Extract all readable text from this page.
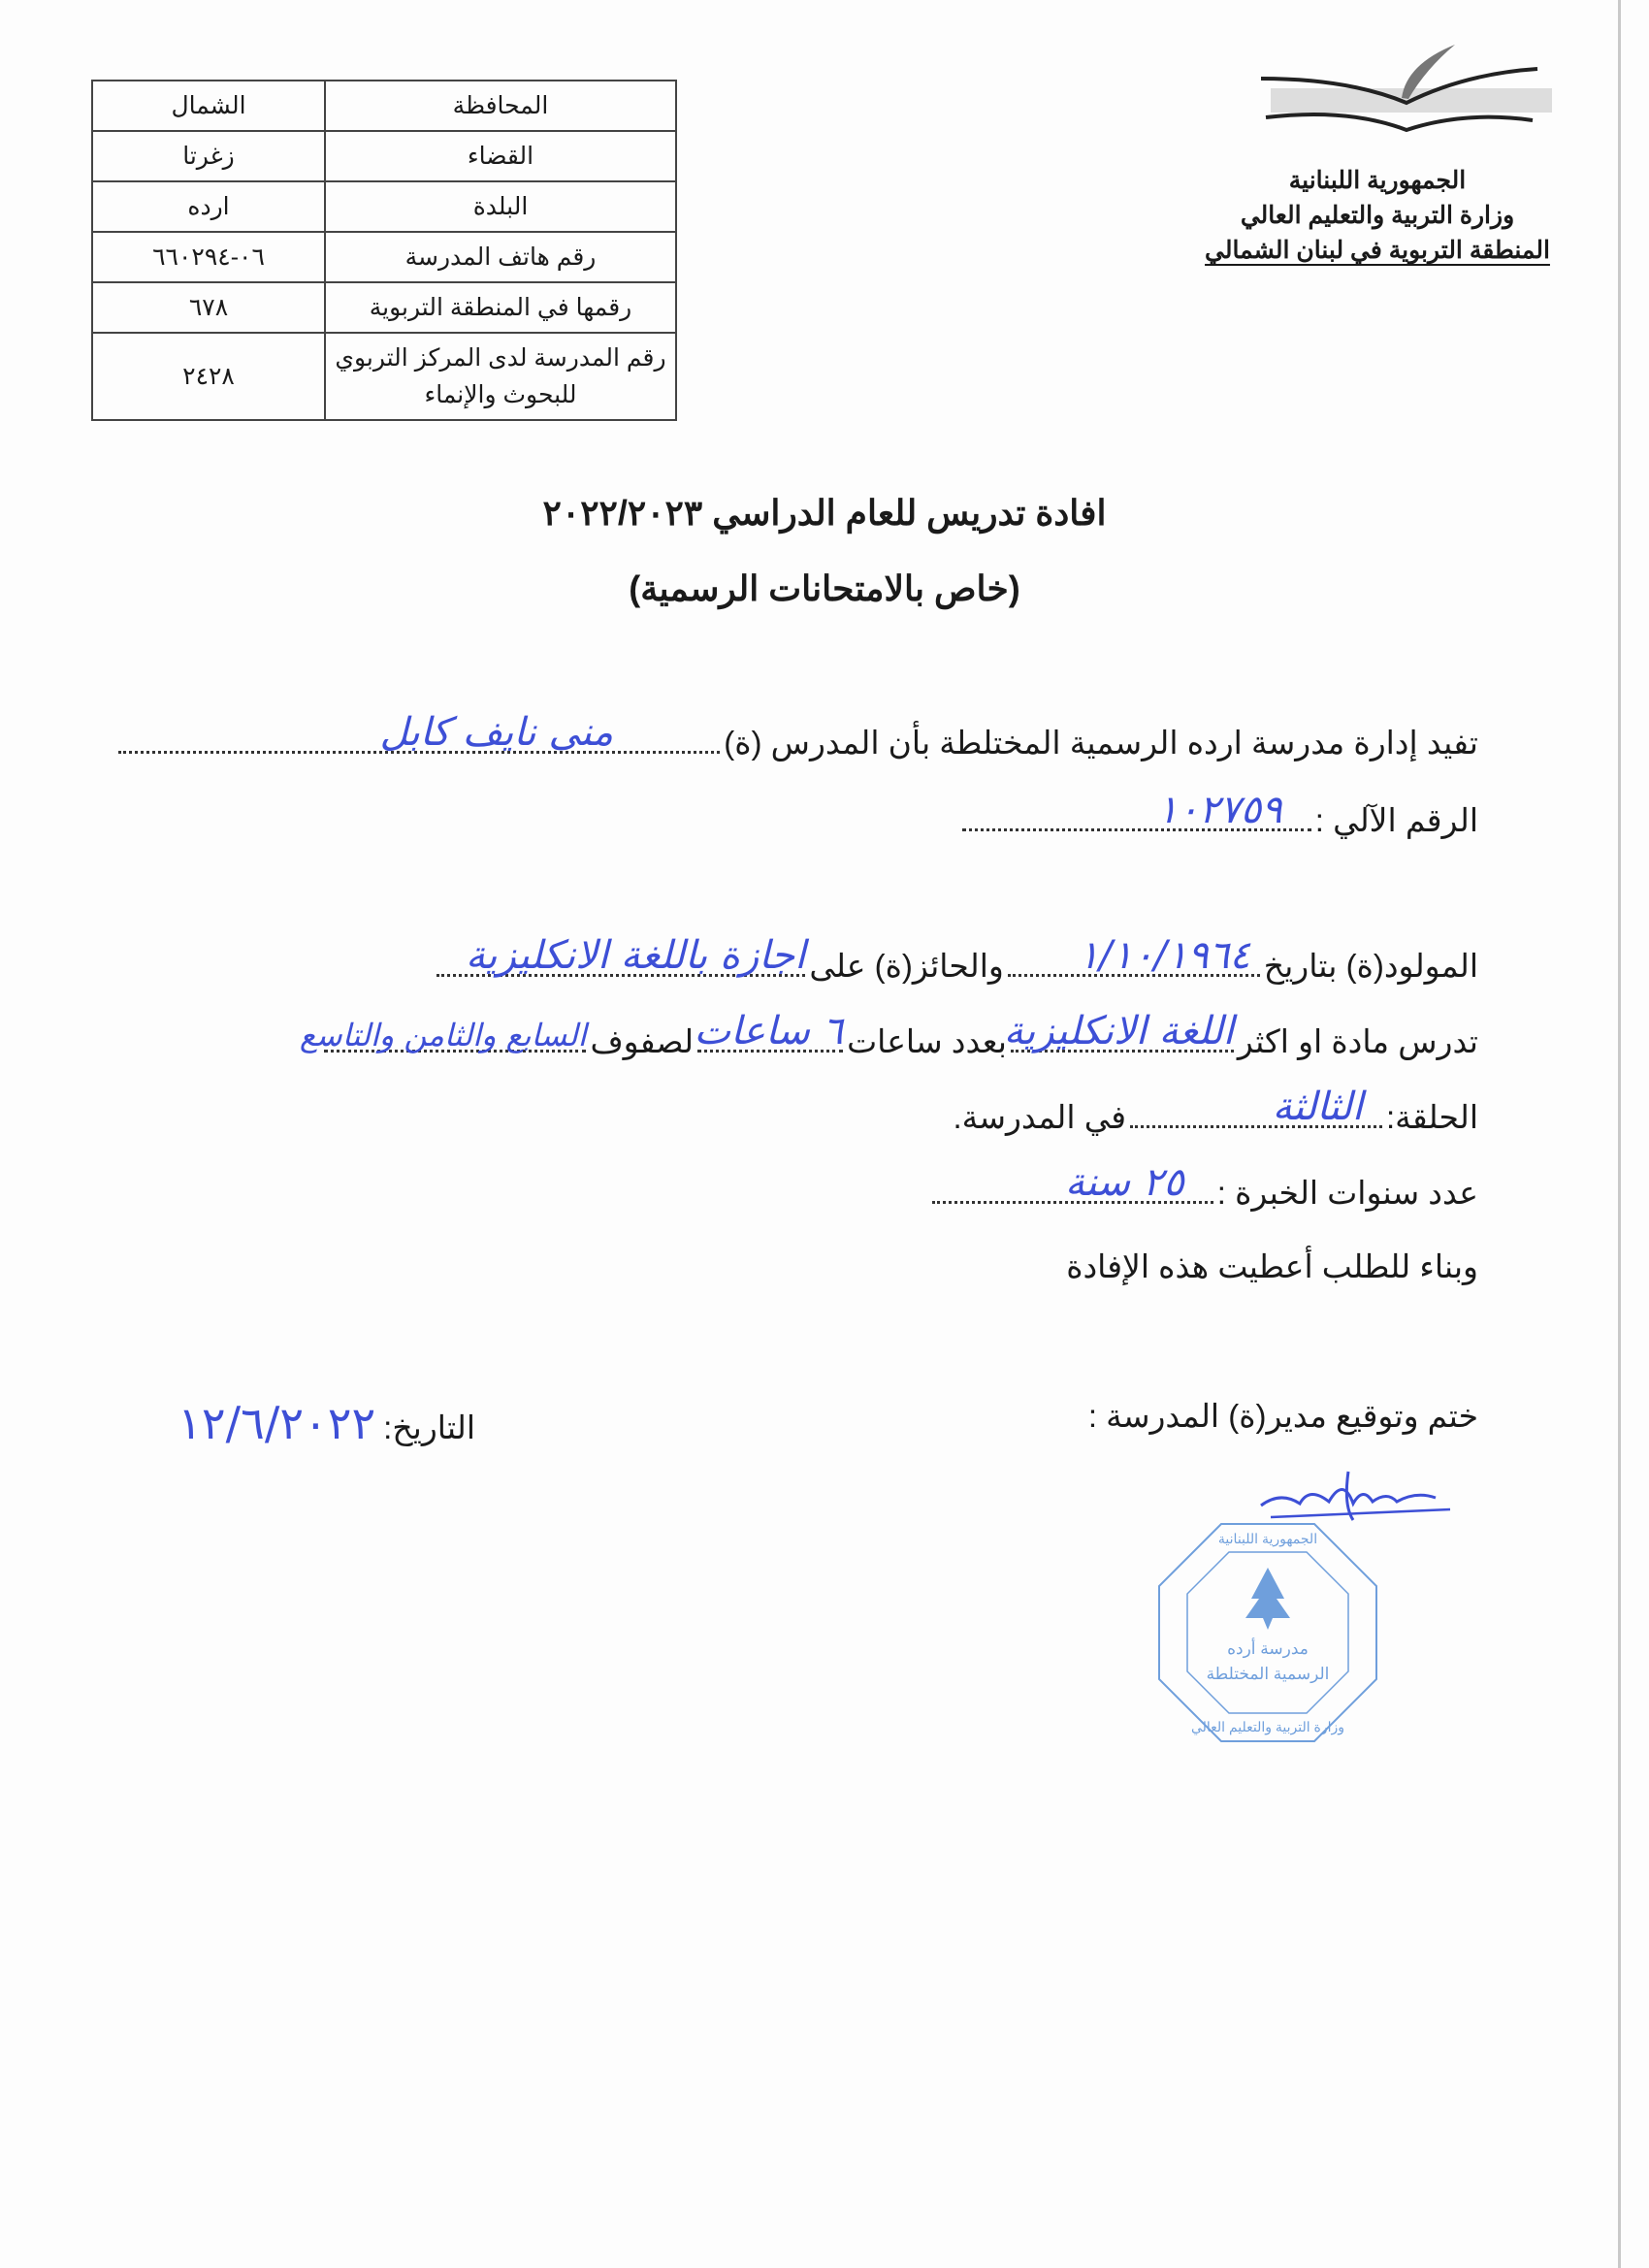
المحافظة	الشمال
القضاء	زغرتا
البلدة	ارده
رقم هاتف المدرسة	٠٦-٦٦٠٢٩٤
رقمها في المنطقة التربوية	٦٧٨
رقم المدرسة لدى المركز التربوي للبحوث والإنماء	٢٤٢٨
الجمهورية اللبنانية
وزارة التربية والتعليم العالي
المنطقة التربوية في لبنان الشمالي
افادة تدريس للعام الدراسي ٢٠٢٢/٢٠٢٣
(خاص بالامتحانات الرسمية)
تفيد إدارة مدرسة ارده الرسمية المختلطة بأن المدرس (ة)
منى نايف كابل
الرقم الآلي :
١٠٢٧٥٩
المولود(ة) بتاريخ
١/١٠/١٩٦٤
والحائز(ة) على
اجازة باللغة الانكليزية
تدرس مادة او اكثر
اللغة الانكليزية
بعدد ساعات
٦ ساعات
لصفوف
السابع والثامن والتاسع
الحلقة:
الثالثة
في المدرسة.
عدد سنوات الخبرة :
٢٥ سنة
وبناء للطلب أعطيت هذه الإفادة
ختم وتوقيع مدير(ة) المدرسة :
التاريخ:
١٢/٦/٢٠٢٢
الجمهورية اللبنانية
مدرسة أرده
الرسمية المختلطة
وزارة التربية والتعليم العالي
